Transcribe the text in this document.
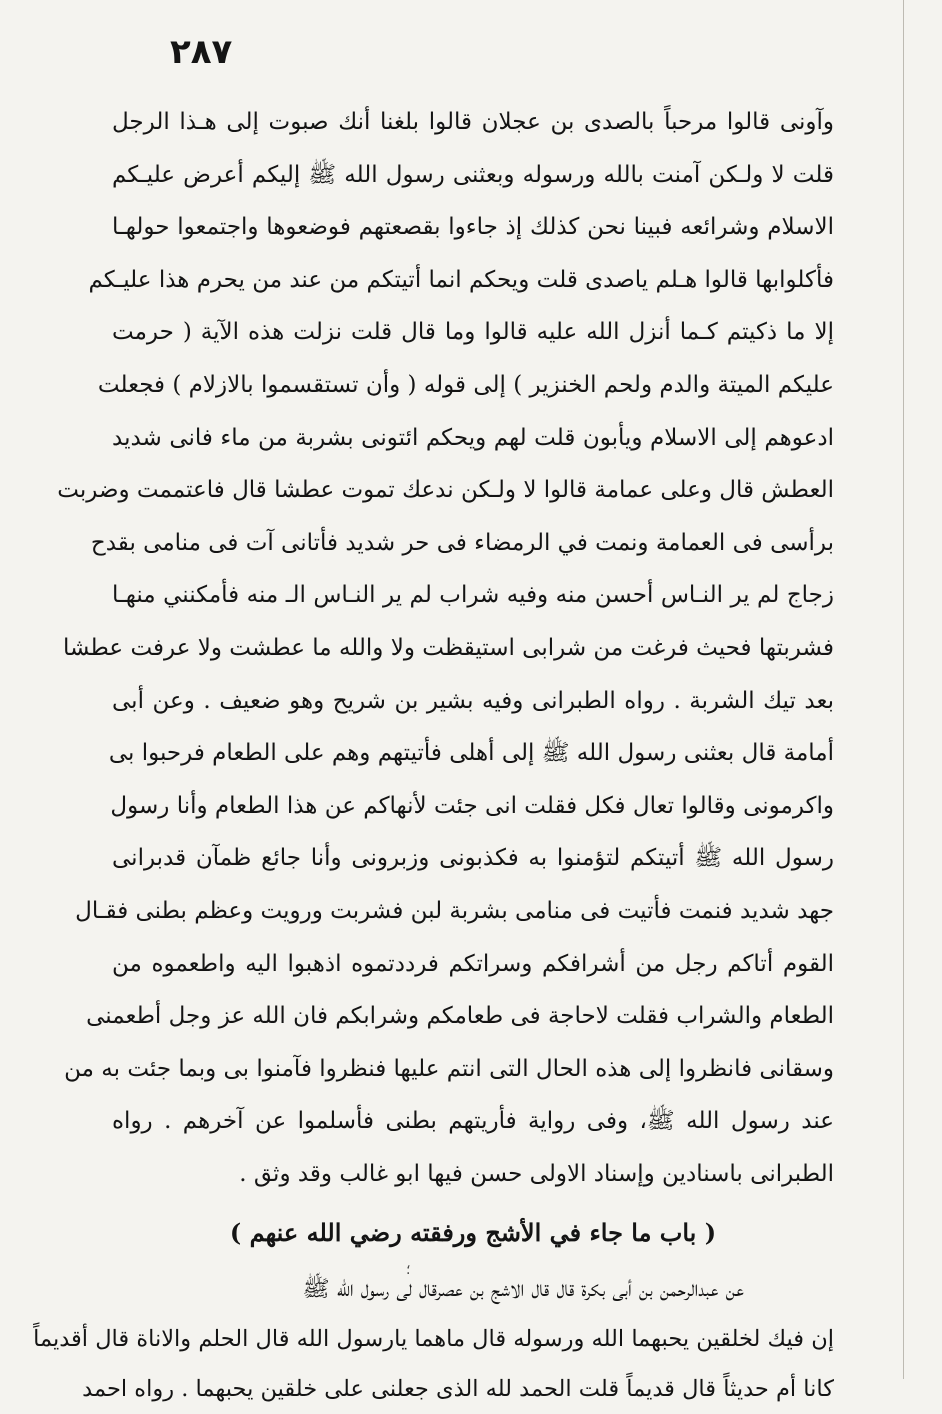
٢٨٧
وآونى قالوا مرحباً بالصدى بن عجلان قالوا بلغنا أنك صبوت إلى هـذا الرجل
قلت لا ولـكن آمنت بالله ورسوله وبعثنى رسول الله ﷺ إليكم أعرض عليـكم
الاسلام وشرائعه فبينا نحن كذلك إذ جاءوا بقصعتهم فوضعوها واجتمعوا حولهـا
فأكلوابها قالوا هـلم ياصدى قلت ويحكم انما أتيتكم من عند من يحرم هذا عليـكم
إلا ما ذكيتم كـما أنزل الله عليه قالوا وما قال قلت نزلت هذه الآية ( حرمت
عليكم الميتة والدم ولحم الخنزير ) إلى قوله ( وأن تستقسموا بالازلام ) فجعلت
ادعوهم إلى الاسلام ويأبون قلت لهم ويحكم ائتونى بشربة من ماء فانى شديد
العطش قال وعلى عمامة قالوا لا ولـكن ندعك تموت عطشا قال فاعتممت وضربت
برأسى فى العمامة ونمت في الرمضاء فى حر شديد فأتانى آت فى منامى بقدح
زجاج لم ير النـاس أحسن منه وفيه شراب لم ير النـاس الـ منه فأمكنني منهـا
فشربتها فحيث فرغت من شرابى استيقظت ولا والله ما عطشت ولا عرفت عطشا
بعد تيك الشربة . رواه الطبرانى وفيه بشير بن شريح وهو ضعيف . وعن أبى
أمامة قال بعثنى رسول الله ﷺ إلى أهلى فأتيتهم وهم على الطعام فرحبوا بى
واكرمونى وقالوا تعال فكل فقلت انى جئت لأنهاكم عن هذا الطعام وأنا رسول
رسول الله ﷺ أتيتكم لتؤمنوا به فكذبونى وزبرونى وأنا جائع ظمآن قدبرانى
جهد شديد فنمت فأتيت فى منامى بشربة لبن فشربت ورويت وعظم بطنى فقـال
القوم أتاكم رجل من أشرافكم وسراتكم فرددتموه اذهبوا اليه واطعموه من
الطعام والشراب فقلت لاحاجة فى طعامكم وشرابكم فان الله عز وجل أطعمنى
وسقانى فانظروا إلى هذه الحال التى انتم عليها فنظروا فآمنوا بى وبما جئت به من
عند رسول الله ﷺ، وفى رواية فأريتهم بطنى فأسلموا عن آخرهم . رواه
الطبرانى باسنادين وإسناد الاولى حسن فيها ابو غالب وقد وثق .
( باب ما جاء في الأشج ورفقته رضي الله عنهم )
عن عبدالرحمن بن أبى بكرة قال قال الاشج بن عصرقال لى رسول الله ﷺ
إن فيك لخلقين يحبهما الله ورسوله قال ماهما يارسول الله قال الحلم والاناة قال أقديماً
كانا أم حديثاً قال قديماً قلت الحمد لله الذى جعلنى على خلقين يحبهما . رواه احمد
؛
